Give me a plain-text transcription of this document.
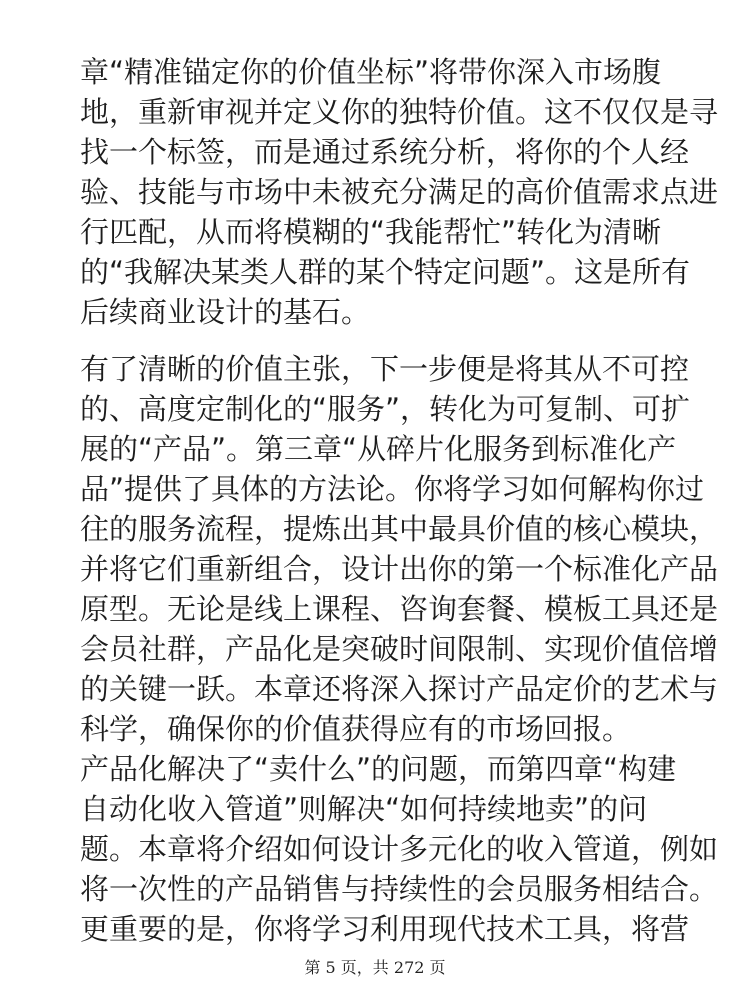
章“精准锚定你的价值坐标”将带你深入市场腹
地，重新审视并定义你的独特价值。这不仅仅是寻
找一个标签，而是通过系统分析，将你的个人经
验、技能与市场中未被充分满足的高价值需求点进
行匹配，从而将模糊的“我能帮忙”转化为清晰
的“我解决某类人群的某个特定问题”。这是所有
后续商业设计的基石。
有了清晰的价值主张，下一步便是将其从不可控
的、高度定制化的“服务”，转化为可复制、可扩
展的“产品”。第三章“从碎片化服务到标准化产
品”提供了具体的方法论。你将学习如何解构你过
往的服务流程，提炼出其中最具价值的核心模块，
并将它们重新组合，设计出你的第一个标准化产品
原型。无论是线上课程、咨询套餐、模板工具还是
会员社群，产品化是突破时间限制、实现价值倍增
的关键一跃。本章还将深入探讨产品定价的艺术与
科学，确保你的价值获得应有的市场回报。
产品化解决了“卖什么”的问题，而第四章“构建
自动化收入管道”则解决“如何持续地卖”的问
题。本章将介绍如何设计多元化的收入管道，例如
将一次性的产品销售与持续性的会员服务相结合。
更重要的是，你将学习利用现代技术工具，将营
第 5 页，共 272 页
